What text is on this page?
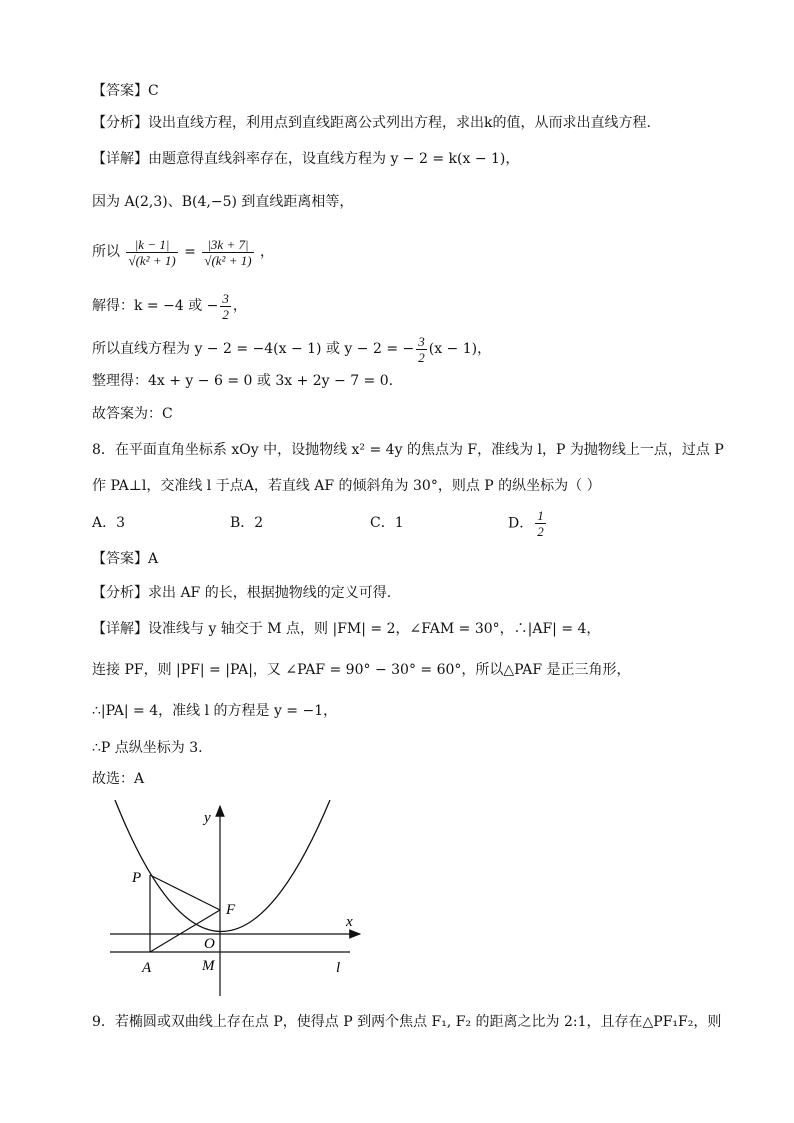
【答案】C
【分析】设出直线方程，利用点到直线距离公式列出方程，求出k的值，从而求出直线方程.
【详解】由题意得直线斜率存在，设直线方程为 y − 2 = k(x − 1)，
因为 A(2,3)、B(4,−5) 到直线距离相等，
所以 $\frac{|k - 1|}{\text{√(k² + 1)}} = \frac{|3k + 7|}{\text{√(k² + 1)}}$ ，
解得：k = −4 或 − $\frac{3}{2}$ ，
所以直线方程为 y − 2 = −4(x − 1) 或 y − 2 = − $\frac{3}{2} (x - 1)$，
整理得：4x + y − 6 = 0 或 3x + 2y − 7 = 0.
故答案为：C
8．在平面直角坐标系 xOy 中，设抛物线 x² = 4y 的焦点为 F，准线为 l，P 为抛物线上一点，过点 P
作 PA⊥l，交准线 l 于点A，若直线 AF 的倾斜角为 30°，则点 P 的纵坐标为（ ）
A．3	B．2	C．1	D． $\frac{1}{2}$
【答案】A
【分析】求出 AF 的长，根据抛物线的定义可得.
【详解】设准线与 y 轴交于 M 点，则 |FM| = 2，∠FAM = 30°，∴|AF| = 4，
连接 PF，则 |PF| = |PA|，又 ∠PAF = 90° − 30° = 60°，所以△PAF 是正三角形，
∴|PA| = 4，准线 l 的方程是 y = −1，
∴P 点纵坐标为 3.
故选：A
y
x
P
F
O
A	M	l
9．若椭圆或双曲线上存在点 P，使得点 P 到两个焦点 F₁, F₂ 的距离之比为 2:1，且存在△PF₁F₂，则
